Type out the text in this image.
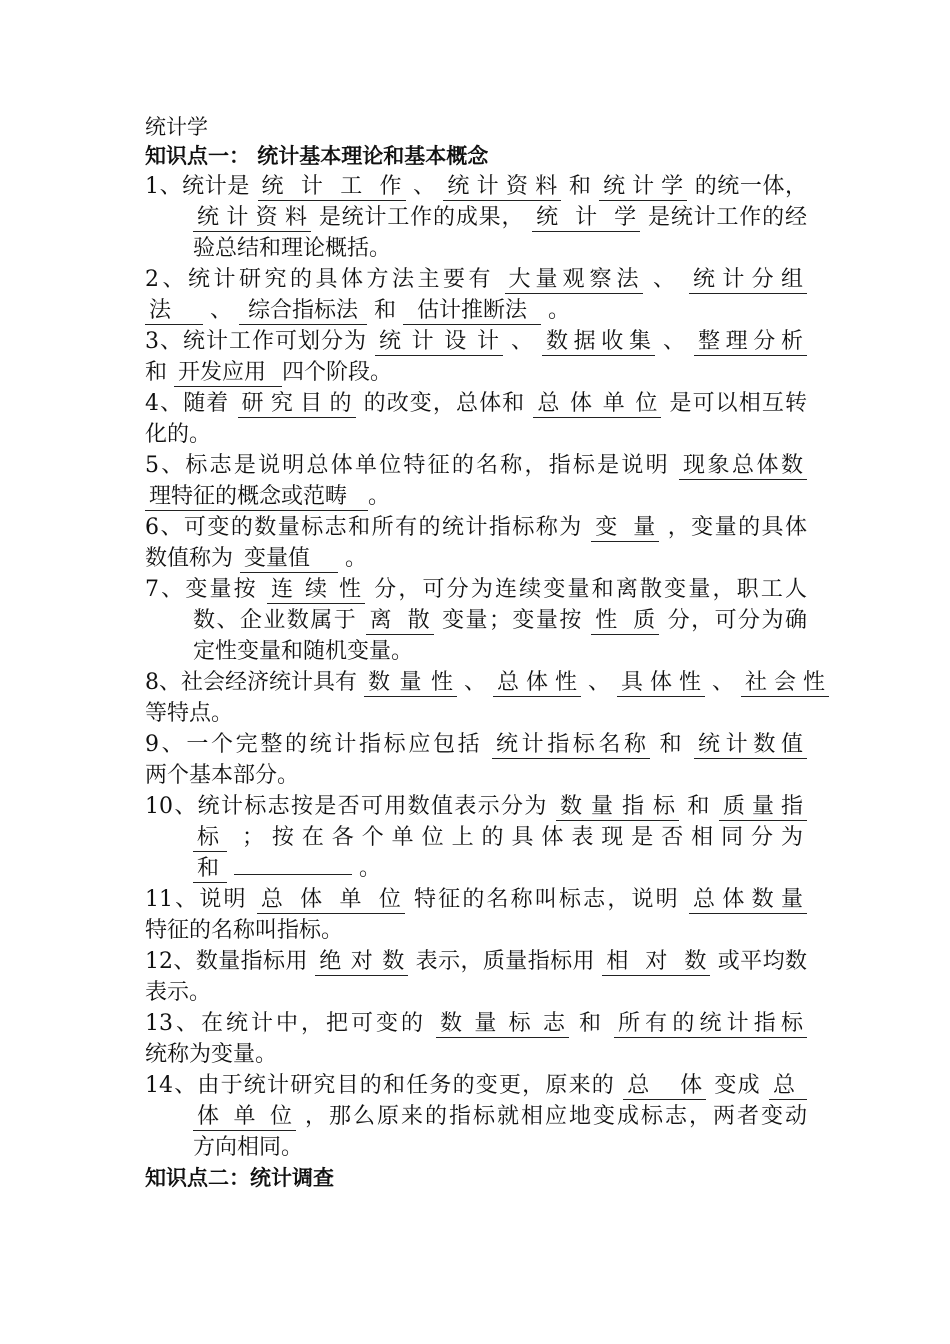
统计学
知识点一： 统计基本理论和基本概念
1、统计是 统计工作 、 统计资料 和 统计学 的统一体，
统计资料 是统计工作的成果， 统计学 是统计工作的经
验总结和理论概括。
2、统计研究的具体方法主要有 大量观察法 、 统计分组
法 、 综合指标法 和 估计推断法 。
3、统计工作可划分为 统计设计 、 数据收集 、 整理分析
和 开发应用 四个阶段。
4、随着 研究目的 的改变，总体和 总体单位 是可以相互转
化的。
5、标志是说明总体单位特征的名称，指标是说明 现象总体数
理特征的概念或范畴 。
6、可变的数量标志和所有的统计指标称为 变量 ，变量的具体
数值称为 变量值 。
7、变量按 连续性 分，可分为连续变量和离散变量，职工人
数、企业数属于 离散 变量；变量按 性质 分，可分为确
定性变量和随机变量。
8、社会经济统计具有 数量性 、 总体性 、 具体性 、 社会性
等特点。
9、一个完整的统计指标应包括 统计指标名称 和 统计数值
两个基本部分。
10、统计标志按是否可用数值表示分为 数量指标 和 质量指
标 ；按在各个单位上的具体表现是否相同分为
和	。
11、说明 总体单位 特征的名称叫标志，说明 总体数量
特征的名称叫指标。
12、数量指标用 绝对数 表示，质量指标用 相对数 或平均数
表示。
13、在统计中，把可变的 数量标志 和 所有的统计指标
统称为变量。
14、由于统计研究目的和任务的变更，原来的 总体 变成 总
体单位 ，那么原来的指标就相应地变成标志，两者变动
方向相同。
知识点二：统计调查
